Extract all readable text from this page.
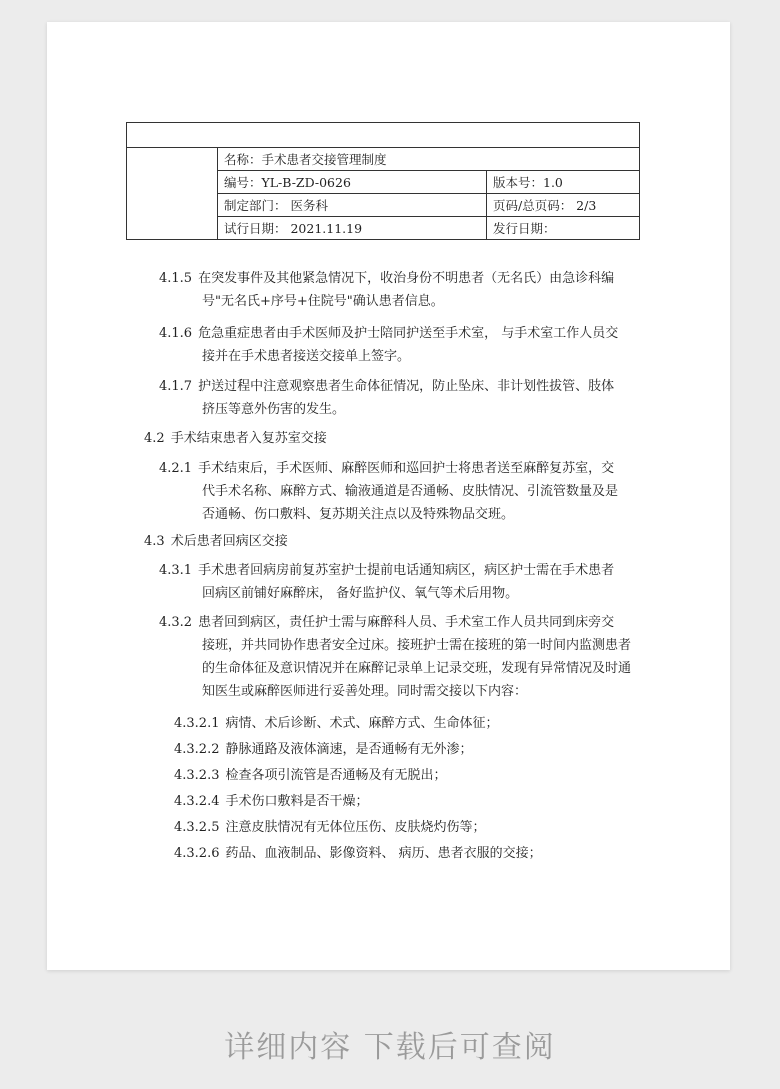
	名称：手术患者交接管理制度	
	编号：YL-B-ZD-0626	版本号：1.0
	制定部门： 医务科	页码/总页码： 2/3
	试行日期： 2021.11.19	发行日期：
4.1.5 在突发事件及其他紧急情况下，收治身份不明患者（无名氏）由急诊科编
号"无名氏+序号+住院号"确认患者信息。
4.1.6 危急重症患者由手术医师及护士陪同护送至手术室， 与手术室工作人员交
接并在手术患者接送交接单上签字。
4.1.7 护送过程中注意观察患者生命体征情况，防止坠床、非计划性拔管、肢体
挤压等意外伤害的发生。
4.2 手术结束患者入复苏室交接
4.2.1 手术结束后，手术医师、麻醉医师和巡回护士将患者送至麻醉复苏室，交
代手术名称、麻醉方式、输液通道是否通畅、皮肤情况、引流管数量及是
否通畅、伤口敷料、复苏期关注点以及特殊物品交班。
4.3 术后患者回病区交接
4.3.1 手术患者回病房前复苏室护士提前电话通知病区，病区护士需在手术患者
回病区前铺好麻醉床， 备好监护仪、氧气等术后用物。
4.3.2 患者回到病区，责任护士需与麻醉科人员、手术室工作人员共同到床旁交
接班，并共同协作患者安全过床。接班护士需在接班的第一时间内监测患者
的生命体征及意识情况并在麻醉记录单上记录交班，发现有异常情况及时通
知医生或麻醉医师进行妥善处理。同时需交接以下内容：
4.3.2.1 病情、术后诊断、术式、麻醉方式、生命体征；
4.3.2.2 静脉通路及液体滴速，是否通畅有无外渗；
4.3.2.3 检查各项引流管是否通畅及有无脱出；
4.3.2.4 手术伤口敷料是否干燥；
4.3.2.5 注意皮肤情况有无体位压伤、皮肤烧灼伤等；
4.3.2.6 药品、血液制品、影像资料、 病历、患者衣服的交接；
详细内容 下载后可查阅
